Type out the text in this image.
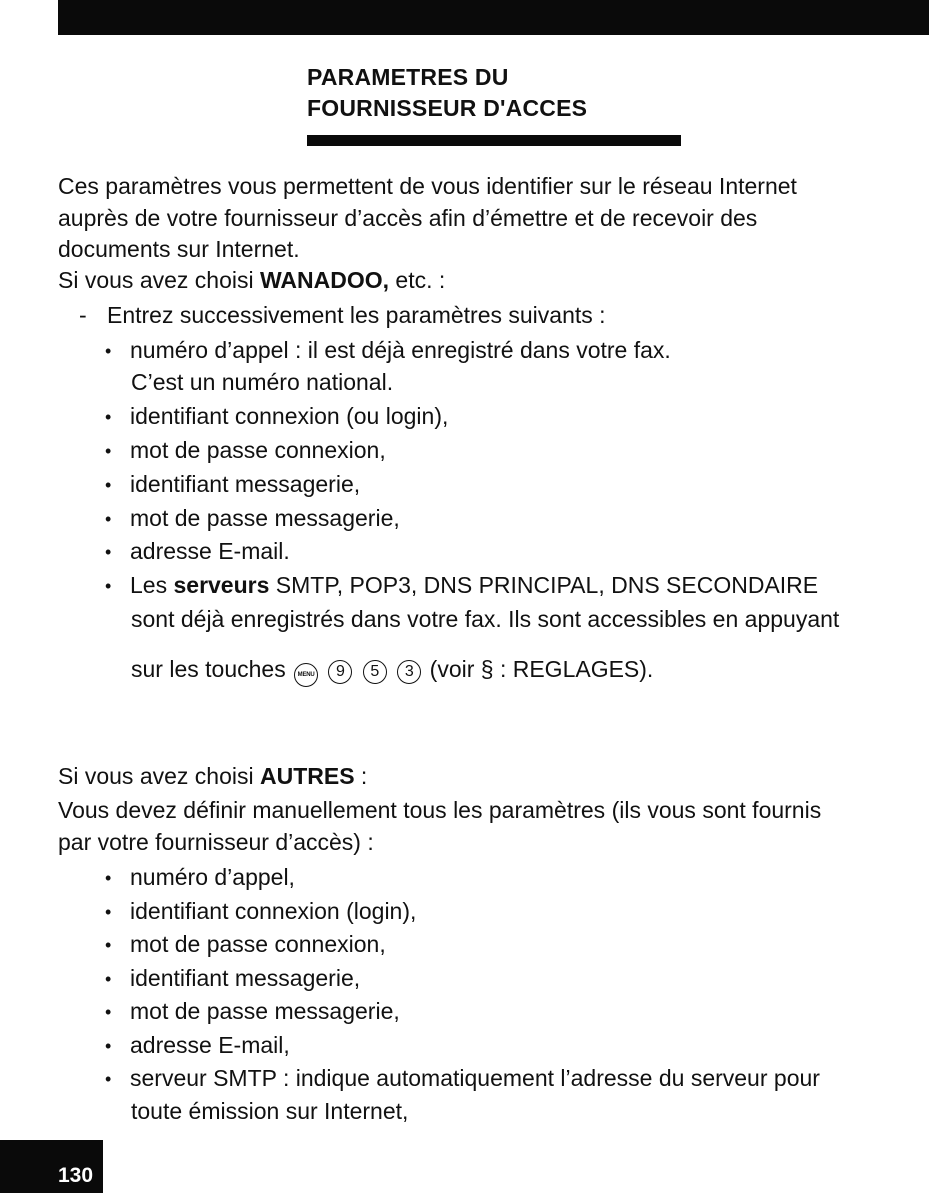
PARAMETRES DU
FOURNISSEUR D'ACCES
Ces paramètres vous permettent de vous identifier sur le réseau Internet
auprès de votre fournisseur d’accès afin d’émettre et de recevoir des
documents sur Internet.
Si vous avez choisi WANADOO, etc. :
- Entrez successivement les paramètres suivants :
• numéro d’appel : il est déjà enregistré dans votre fax.
C’est un numéro national.
• identifiant connexion (ou login),
• mot de passe connexion,
• identifiant messagerie,
• mot de passe messagerie,
• adresse E-mail.
• Les serveurs SMTP, POP3, DNS PRINCIPAL, DNS SECONDAIRE
sont déjà enregistrés dans votre fax. Ils sont accessibles en appuyant
sur les touches MENU 9 5 3 (voir § : REGLAGES).
Si vous avez choisi AUTRES :
Vous devez définir manuellement tous les paramètres (ils vous sont fournis
par votre fournisseur d’accès) :
• numéro d’appel,
• identifiant connexion (login),
• mot de passe connexion,
• identifiant messagerie,
• mot de passe messagerie,
• adresse E-mail,
• serveur SMTP : indique automatiquement l’adresse du serveur pour
toute émission sur Internet,
130
